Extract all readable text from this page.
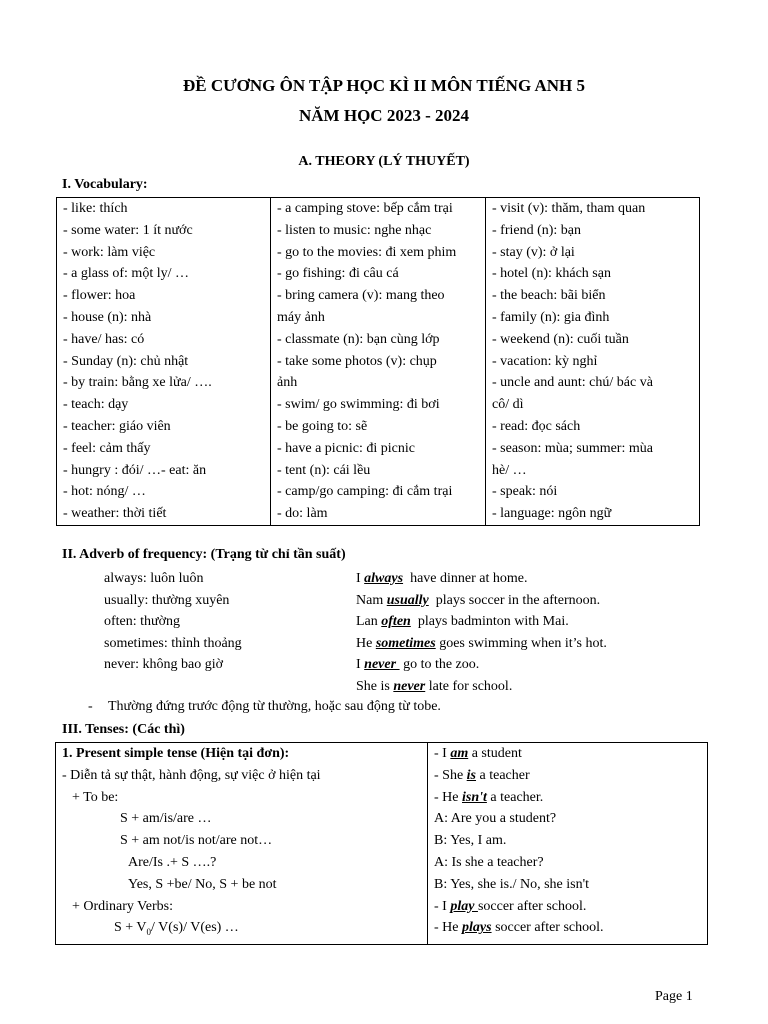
ĐỀ CƯƠNG ÔN TẬP HỌC KÌ II MÔN TIẾNG ANH 5
NĂM HỌC 2023 - 2024
A. THEORY (LÝ THUYẾT)
I. Vocabulary:
- like: thích
- some water: 1 ít nước
- work: làm việc
- a glass of: một ly/ …
- flower: hoa
- house (n): nhà
- have/ has: có
- Sunday (n): chủ nhật
- by train: bằng xe lửa/ ….
- teach: dạy
- teacher: giáo viên
- feel: cảm thấy
- hungry : đói/ …- eat: ăn
- hot: nóng/ …
- weather: thời tiết

- a camping stove: bếp cắm trại
- listen to music: nghe nhạc
- go to the movies: đi xem phim
- go fishing: đi câu cá
- bring camera (v): mang theo
máy ảnh
- classmate (n): bạn cùng lớp
- take some photos (v): chụp
ảnh
- swim/ go swimming: đi bơi
- be going to: sẽ
- have a picnic: đi picnic
- tent (n): cái lều
- camp/go camping: đi cắm trại
- do: làm

- visit (v): thăm, tham quan
- friend (n): bạn
- stay (v): ở lại
- hotel (n): khách sạn
- the beach: bãi biển
- family (n): gia đình
- weekend (n): cuối tuần
- vacation: kỳ nghỉ
- uncle and aunt: chú/ bác và
cô/ dì
- read: đọc sách
- season: mùa; summer: mùa
hè/ …
- speak: nói
- language: ngôn ngữ
II. Adverb of frequency: (Trạng từ chỉ tần suất)
always: luôn luôn	I always  have dinner at home.
usually: thường xuyên	Nam usually  plays soccer in the afternoon.
often: thường	Lan often  plays badminton with Mai.
sometimes: thỉnh thoảng	He sometimes goes swimming when it’s hot.
never: không bao giờ	I never  go to the zoo.
She is never late for school.
- Thường đứng trước động từ thường, hoặc sau động từ tobe.
III. Tenses: (Các thì)
1. Present simple tense (Hiện tại đơn):
- Diễn tả sự thật, hành động, sự việc ở hiện tại
+ To be:
S + am/is/are …
S + am not/is not/are not…
Are/Is .+ S ….?
Yes, S +be/ No, S + be not
+ Ordinary Verbs:
$S + V_0/$ V(s)/ V(es) …

- I am a student
- She is a teacher
- He isn't a teacher.
A: Are you a student?
B: Yes, I am.
A: Is she a teacher?
B: Yes, she is./ No, she isn't
- I play soccer after school.
- He plays soccer after school.
Page 1
